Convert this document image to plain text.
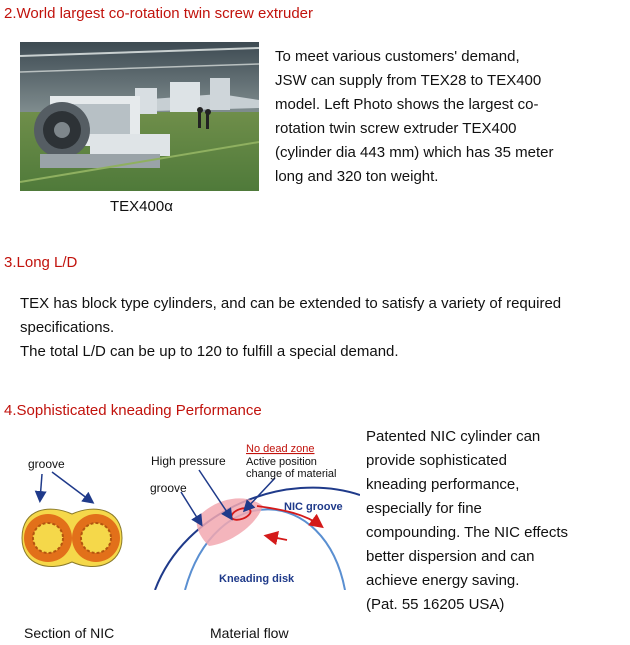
2.World largest co-rotation twin screw extruder
TEX400α
To meet various customers' demand,
JSW can supply from TEX28 to TEX400
model. Left Photo shows the largest co-
rotation twin screw extruder TEX400
(cylinder dia 443 mm) which has 35 meter
long and 320 ton weight.
3.Long L/D
TEX has block type cylinders, and can be extended to satisfy a variety of required
specifications.
The total L/D can be up to 120 to fulfill a special demand.
4.Sophisticated kneading Performance
groove
Section of NIC
High pressure
groove
No dead zone
Active position
change of material
NIC groove
Kneading disk
Material flow
Patented NIC cylinder can
provide sophisticated
kneading performance,
especially for fine
compounding. The NIC effects
better dispersion and can
achieve energy saving.
(Pat. 55 16205 USA)
